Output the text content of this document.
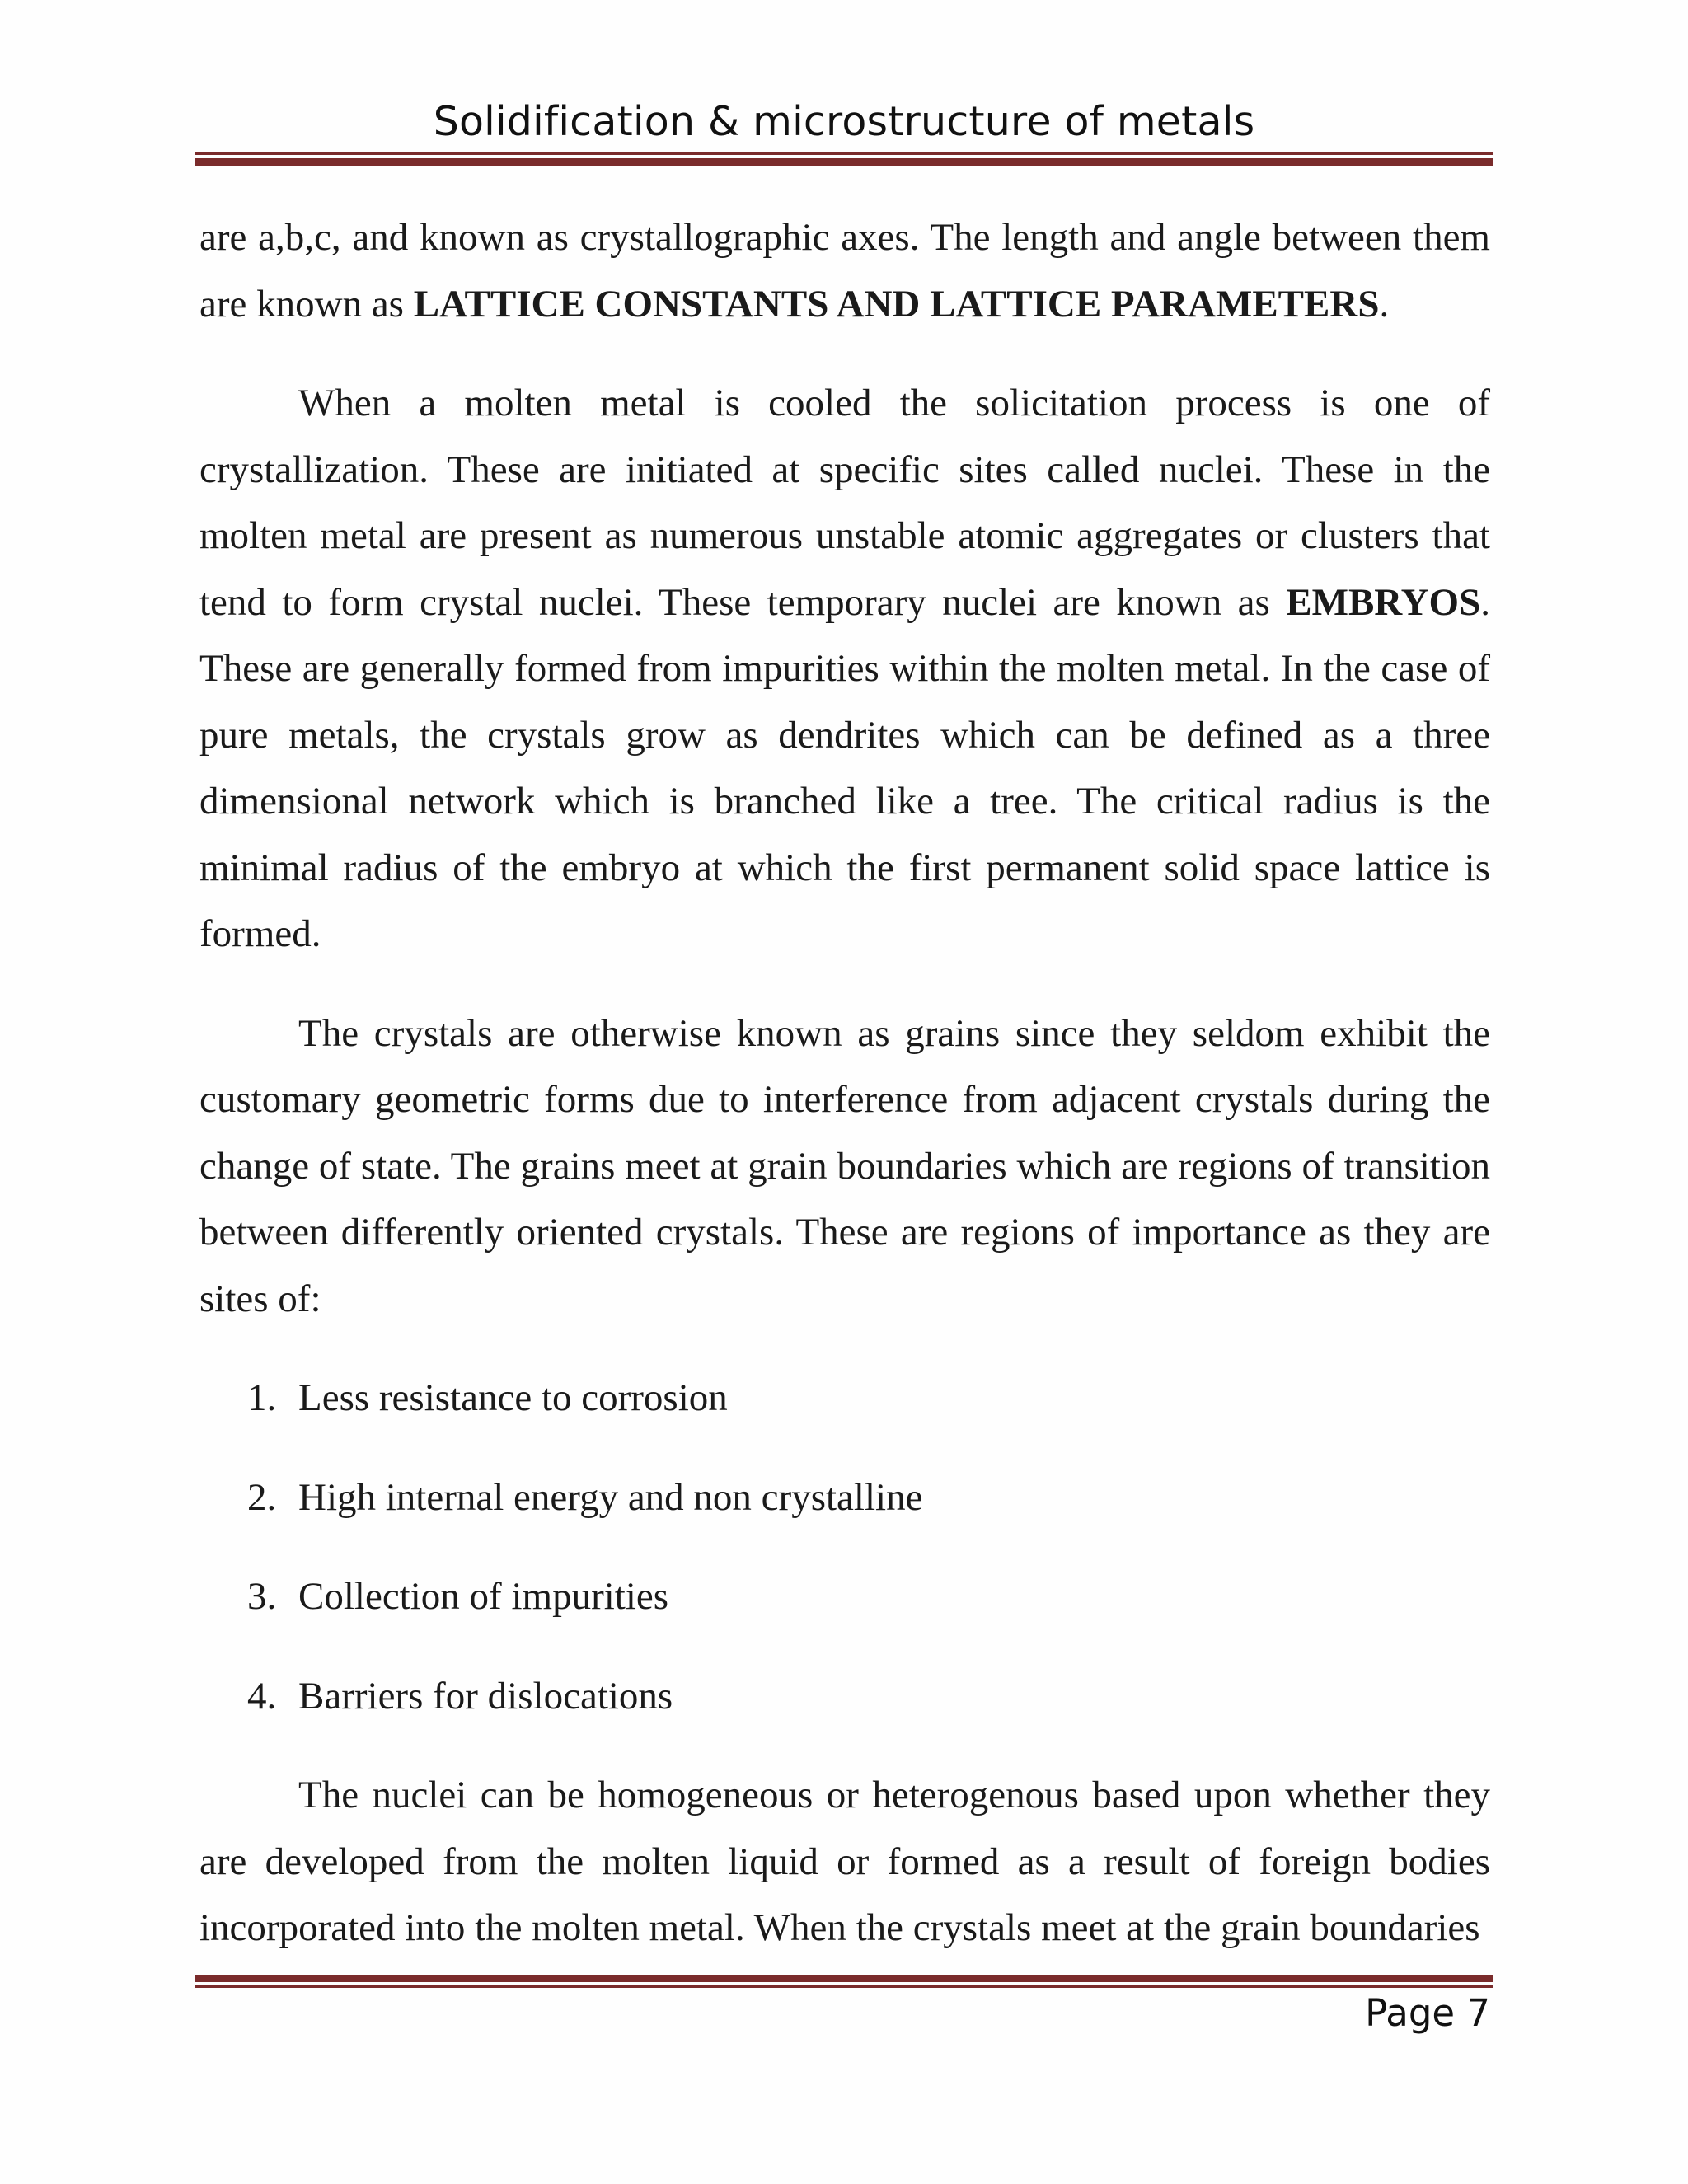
Solidification & microstructure of metals

are a,b,c, and known as crystallographic axes. The length and angle between them are known as LATTICE CONSTANTS AND LATTICE PARAMETERS.

When a molten metal is cooled the solicitation process is one of crystallization. These are initiated at specific sites called nuclei. These in the molten metal are present as numerous unstable atomic aggregates or clusters that tend to form crystal nuclei. These temporary nuclei are known as EMBRYOS. These are generally formed from impurities within the molten metal. In the case of pure metals, the crystals grow as dendrites which can be defined as a three dimensional network which is branched like a tree. The critical radius is the minimal radius of the embryo at which the first permanent solid space lattice is formed.

The crystals are otherwise known as grains since they seldom exhibit the customary geometric forms due to interference from adjacent crystals during the change of state. The grains meet at grain boundaries which are regions of transition between differently oriented crystals. These are regions of importance as they are sites of:

1. Less resistance to corrosion
2. High internal energy and non crystalline
3. Collection of impurities
4. Barriers for dislocations

The nuclei can be homogeneous or heterogenous based upon whether they are developed from the molten liquid or formed as a result of foreign bodies incorporated into the molten metal. When the crystals meet at the grain boundaries

Page 7
